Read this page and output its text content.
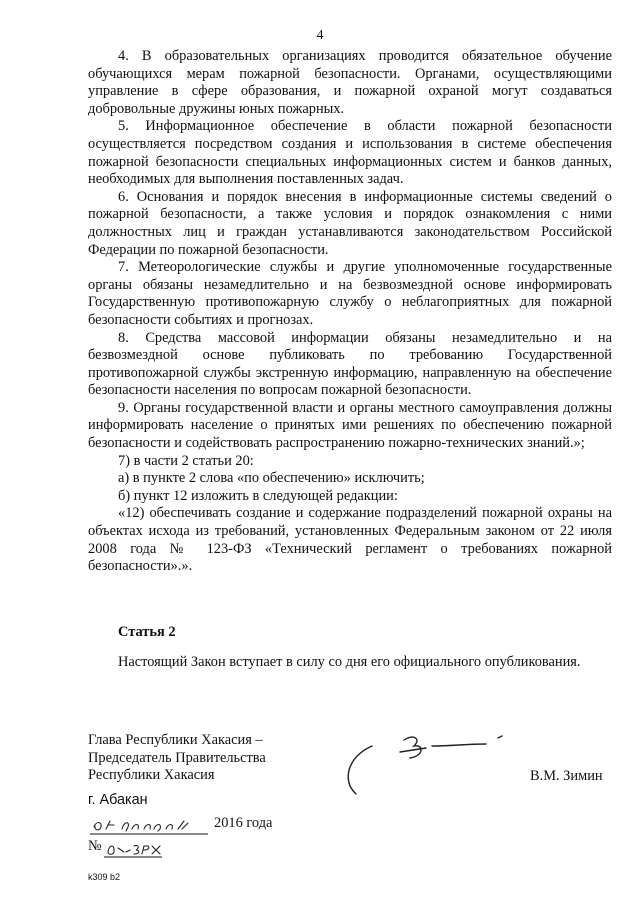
4

4. В образовательных организациях проводится обязательное обучение обучающихся мерам пожарной безопасности. Органами, осуществляющими управление в сфере образования, и пожарной охраной могут создаваться добровольные дружины юных пожарных.

5. Информационное обеспечение в области пожарной безопасности осуществляется посредством создания и использования в системе обеспечения пожарной безопасности специальных информационных систем и банков данных, необходимых для выполнения поставленных задач.

6. Основания и порядок внесения в информационные системы сведений о пожарной безопасности, а также условия и порядок ознакомления с ними должностных лиц и граждан устанавливаются законодательством Российской Федерации по пожарной безопасности.

7. Метеорологические службы и другие уполномоченные государственные органы обязаны незамедлительно и на безвозмездной основе информировать Государственную противопожарную службу о неблагоприятных для пожарной безопасности событиях и прогнозах.

8. Средства массовой информации обязаны незамедлительно и на безвозмездной основе публиковать по требованию Государственной противопожарной службы экстренную информацию, направленную на обеспечение безопасности населения по вопросам пожарной безопасности.

9. Органы государственной власти и органы местного самоуправления должны информировать население о принятых ими решениях по обеспечению пожарной безопасности и содействовать распространению пожарно-технических знаний.»;

7) в части 2 статьи 20:

а) в пункте 2 слова «по обеспечению» исключить;

б) пункт 12 изложить в следующей редакции:

«12) обеспечивать создание и содержание подразделений пожарной охраны на объектах исхода из требований, установленных Федеральным законом от 22 июля 2008 года № 123-ФЗ «Технический регламент о требованиях пожарной безопасности».».

Статья 2
Настоящий Закон вступает в силу со дня его официального опубликования.
Глава Республики Хакасия –
Председатель Правительства
Республики Хакасия	В.М. Зимин
г. Абакан
2016 года
№
k309 b2
